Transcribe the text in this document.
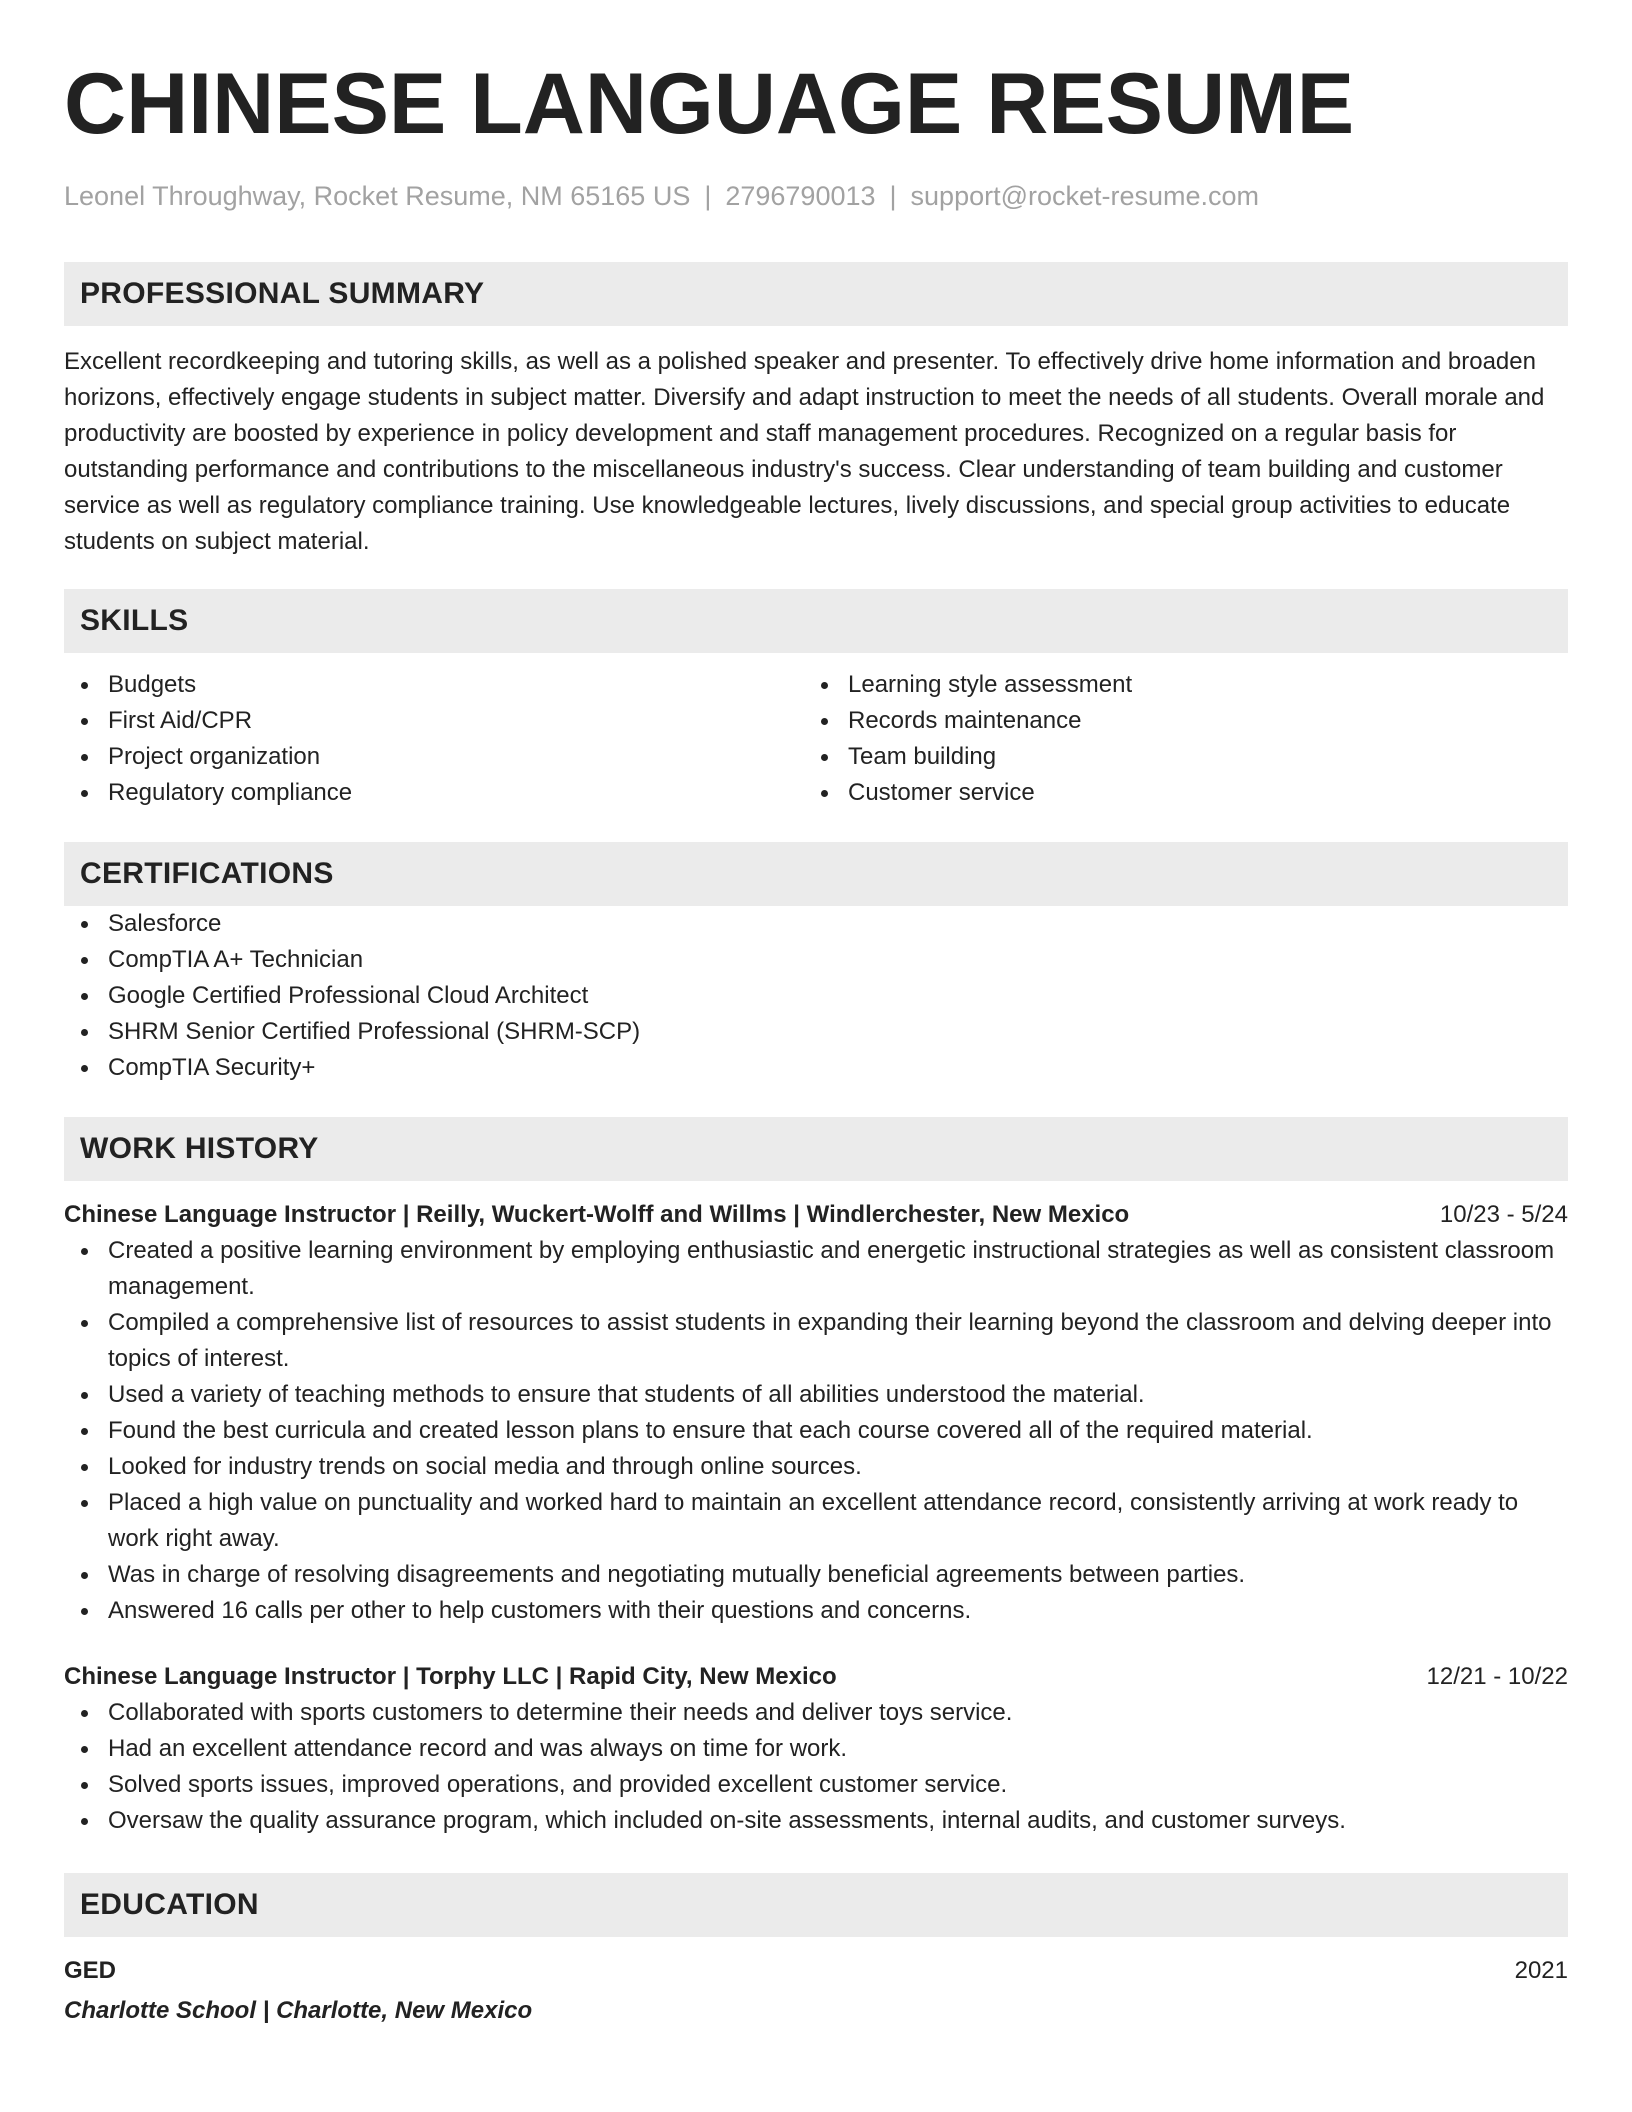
CHINESE LANGUAGE RESUME
Leonel Throughway, Rocket Resume, NM 65165 US | 2796790013 | support@rocket-resume.com
PROFESSIONAL SUMMARY
Excellent recordkeeping and tutoring skills, as well as a polished speaker and presenter. To effectively drive home information and broaden horizons, effectively engage students in subject matter. Diversify and adapt instruction to meet the needs of all students. Overall morale and productivity are boosted by experience in policy development and staff management procedures. Recognized on a regular basis for outstanding performance and contributions to the miscellaneous industry's success. Clear understanding of team building and customer service as well as regulatory compliance training. Use knowledgeable lectures, lively discussions, and special group activities to educate students on subject material.
SKILLS
Budgets
First Aid/CPR
Project organization
Regulatory compliance
Learning style assessment
Records maintenance
Team building
Customer service
CERTIFICATIONS
Salesforce
CompTIA A+ Technician
Google Certified Professional Cloud Architect
SHRM Senior Certified Professional (SHRM-SCP)
CompTIA Security+
WORK HISTORY
Chinese Language Instructor | Reilly, Wuckert-Wolff and Willms | Windlerchester, New Mexico	10/23 - 5/24
Created a positive learning environment by employing enthusiastic and energetic instructional strategies as well as consistent classroom management.
Compiled a comprehensive list of resources to assist students in expanding their learning beyond the classroom and delving deeper into topics of interest.
Used a variety of teaching methods to ensure that students of all abilities understood the material.
Found the best curricula and created lesson plans to ensure that each course covered all of the required material.
Looked for industry trends on social media and through online sources.
Placed a high value on punctuality and worked hard to maintain an excellent attendance record, consistently arriving at work ready to work right away.
Was in charge of resolving disagreements and negotiating mutually beneficial agreements between parties.
Answered 16 calls per other to help customers with their questions and concerns.
Chinese Language Instructor | Torphy LLC | Rapid City, New Mexico	12/21 - 10/22
Collaborated with sports customers to determine their needs and deliver toys service.
Had an excellent attendance record and was always on time for work.
Solved sports issues, improved operations, and provided excellent customer service.
Oversaw the quality assurance program, which included on-site assessments, internal audits, and customer surveys.
EDUCATION
GED	2021
Charlotte School | Charlotte, New Mexico
